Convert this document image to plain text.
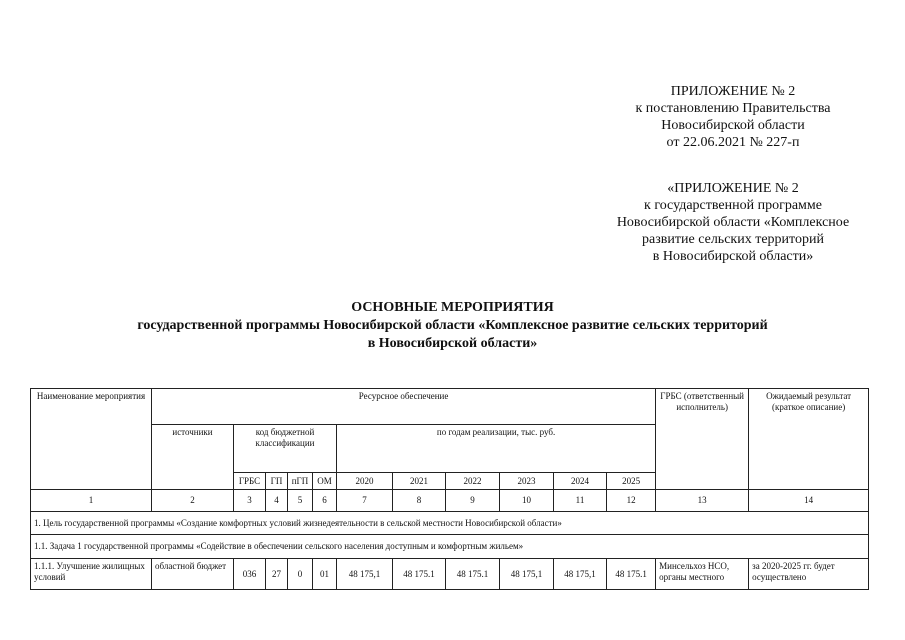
ПРИЛОЖЕНИЕ № 2
к постановлению Правительства
Новосибирской области
от 22.06.2021 № 227-п
«ПРИЛОЖЕНИЕ № 2
к государственной программе
Новосибирской области «Комплексное
развитие сельских территорий
в Новосибирской области»
ОСНОВНЫЕ МЕРОПРИЯТИЯ
государственной программы Новосибирской области «Комплексное развитие сельских территорий
в Новосибирской области»
Наименование мероприятия	Ресурсное обеспечение											ГРБС (ответственный исполнитель)	Ожидаемый результат (краткое описание)
	источники	код бюджетной классификации				по годам реализации, тыс. руб.							
		ГРБС	ГП	пГП	ОМ	2020	2021	2022	2023	2024	2025		
1	2	3	4	5	6	7	8	9	10	11	12	13	14
1. Цель государственной программы «Создание комфортных условий жизнедеятельности в сельской местности Новосибирской области»													
1.1. Задача 1 государственной программы «Содействие в обеспечении сельского населения доступным и комфортным жильем»													
1.1.1. Улучшение жилищных условий	областной бюджет	036	27	0	01	48 175,1	48 175.1	48 175.1	48 175,1	48 175,1	48 175.1	Минсельхоз НСО, органы местного	за 2020-2025 гг. будет осуществлено
